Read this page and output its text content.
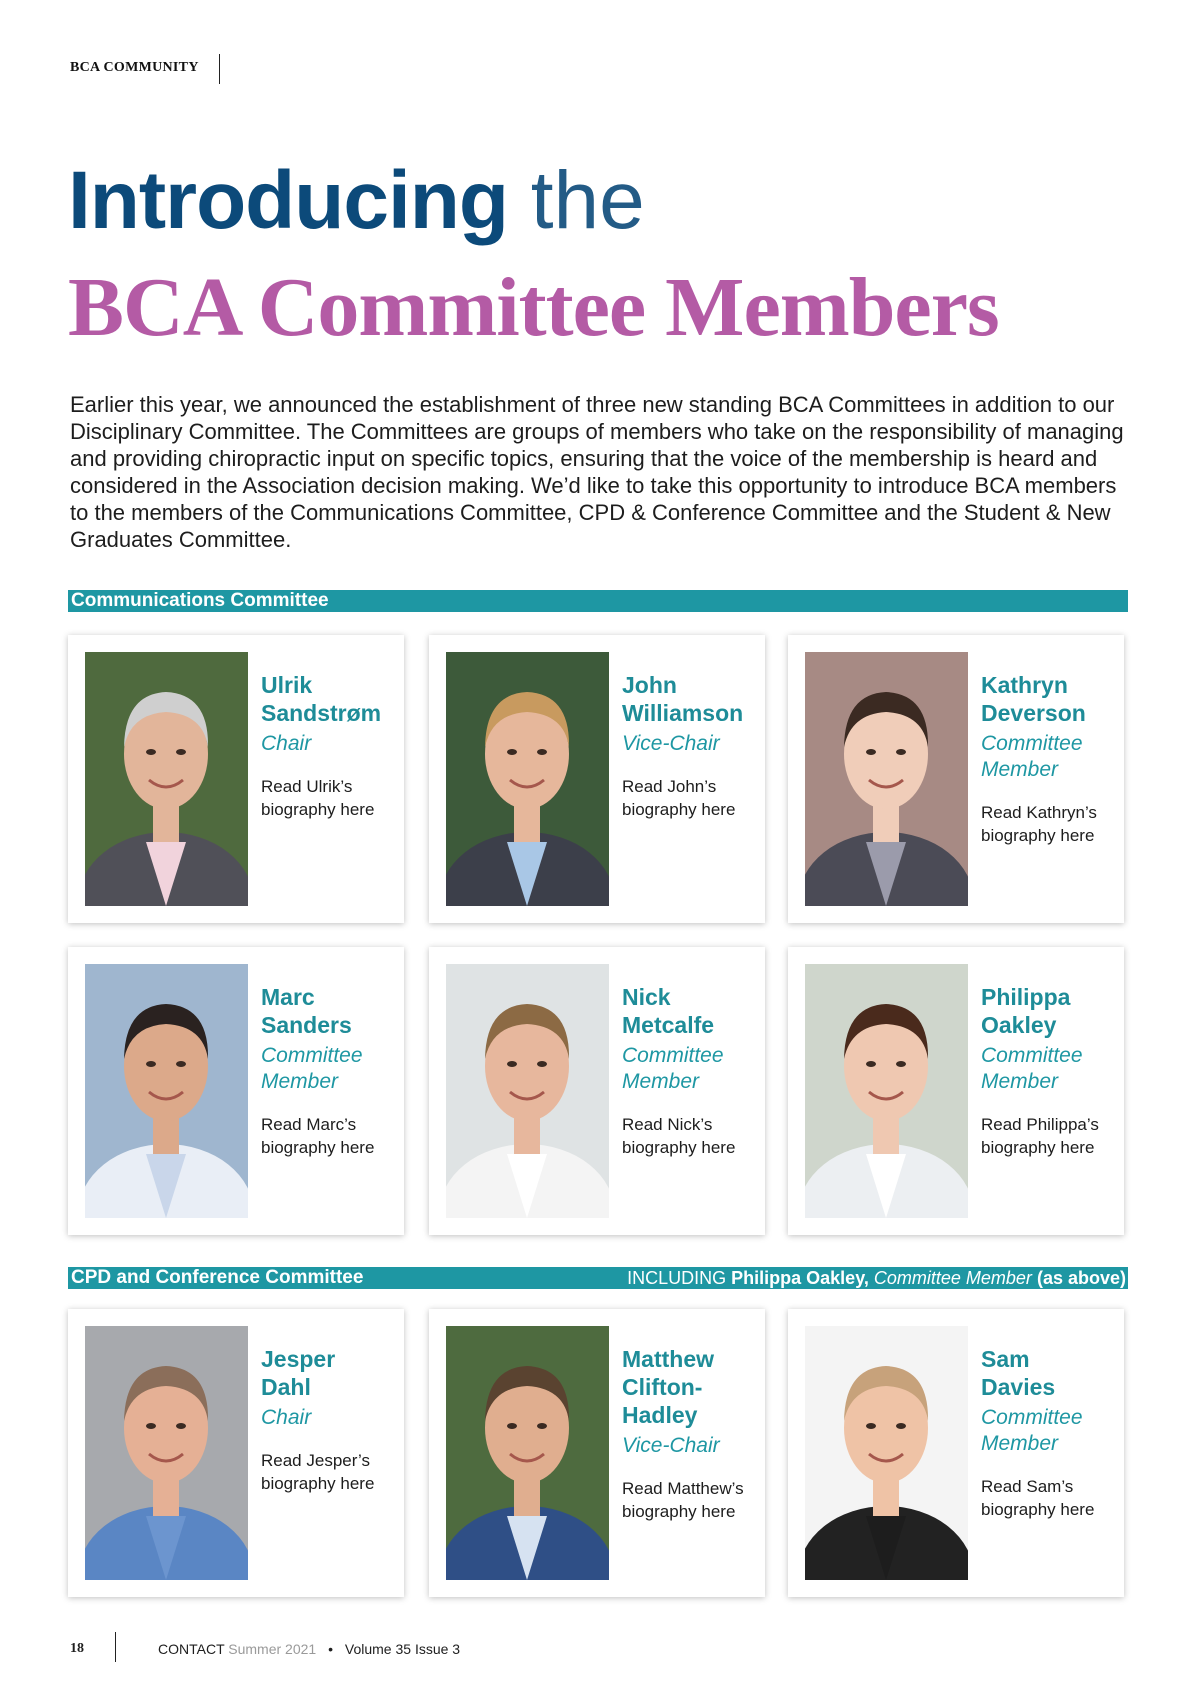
BCA COMMUNITY
Introducing the
BCA Committee Members
Earlier this year, we announced the establishment of three new standing BCA Committees in addition to our Disciplinary Committee. The Committees are groups of members who take on the responsibility of managing and providing chiropractic input on specific topics, ensuring that the voice of the membership is heard and considered in the Association decision making. We’d like to take this opportunity to introduce BCA members to the members of the Communications Committee, CPD & Conference Committee and the Student & New Graduates Committee.
Communications Committee
CPD and Conference Committee	INCLUDING Philippa Oakley, Committee Member (as above)
Ulrik
Sandstrøm
Chair
Read Ulrik’s biography here
John
Williamson
Vice-Chair
Read John’s biography here
Kathryn
Deverson
Committee Member
Read Kathryn’s biography here
Marc
Sanders
Committee Member
Read Marc’s biography here
Nick
Metcalfe
Committee Member
Read Nick’s biography here
Philippa
Oakley
Committee Member
Read Philippa’s biography here
Jesper
Dahl
Chair
Read Jesper’s biography here
Matthew
Clifton-Hadley
Vice-Chair
Read Matthew’s biography here
Sam
Davies
Committee Member
Read Sam’s biography here
18	CONTACT Summer 2021 • Volume 35 Issue 3
